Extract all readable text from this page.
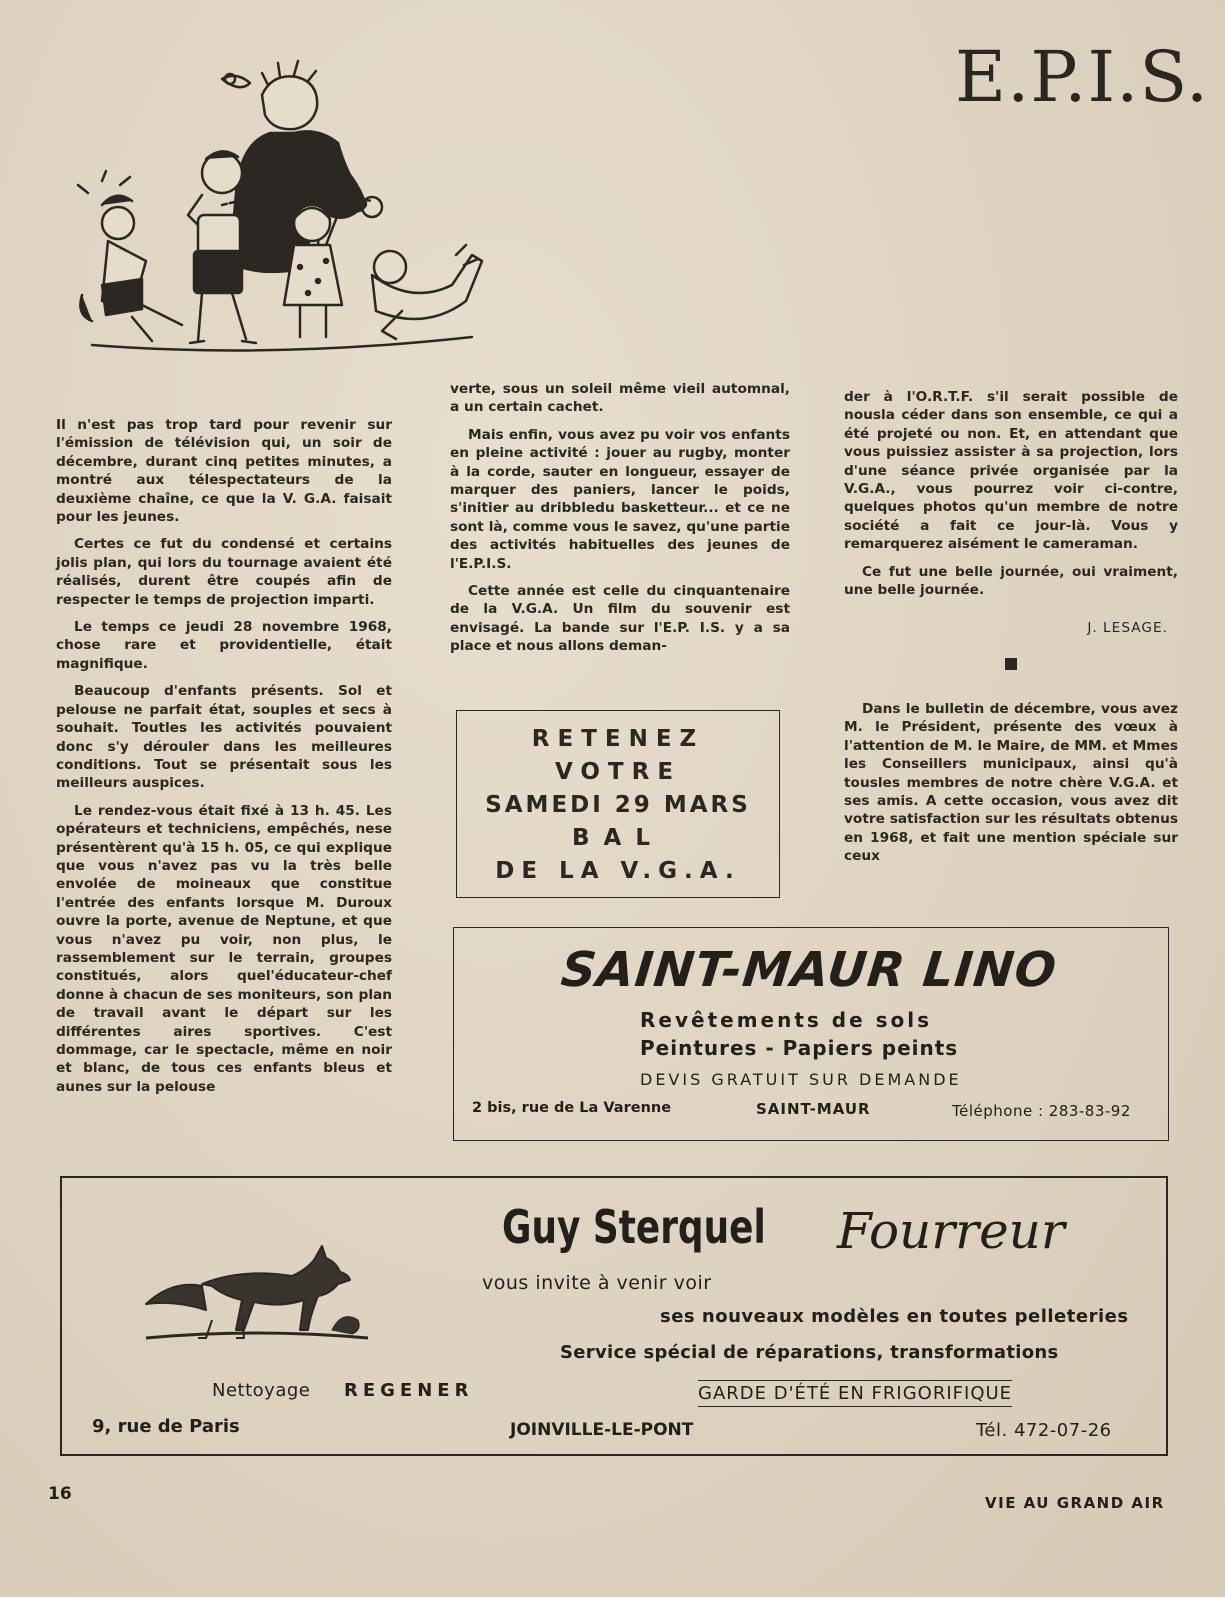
E.P.I.S.

Il n'est pas trop tard pour revenir sur l'émission de télévision qui, un soir de décembre, durant cinq petites minutes, a montré aux télespectateurs de la deuxième chaîne, ce que la V. G.A. faisait pour les jeunes.

Certes ce fut du condensé et certains jolis plan, qui lors du tournage avaient été réalisés, durent être coupés afin de respecter le temps de projection imparti.

Le temps ce jeudi 28 novembre 1968, chose rare et providentielle, était magnifique.

Beaucoup d'enfants présents. Sol et pelouse ne parfait état, souples et secs à souhait. Toutles les activités pouvaient donc s'y dérouler dans les meilleures conditions. Tout se présentait sous les meilleurs auspices.

Le rendez-vous était fixé à 13 h. 45. Les opérateurs et techniciens, empêchés, nese présentèrent qu'à 15 h. 05, ce qui explique que vous n'avez pas vu la très belle envolée de moineaux que constitue l'entrée des enfants lorsque M. Duroux ouvre la porte, avenue de Neptune, et que vous n'avez pu voir, non plus, le rassemblement sur le terrain, groupes constitués, alors quel'éducateur-chef donne à chacun de ses moniteurs, son plan de travail avant le départ sur les différentes aires sportives. C'est dommage, car le spectacle, même en noir et blanc, de tous ces enfants bleus et aunes sur la pelouse

verte, sous un soleil même vieil automnal, a un certain cachet.

Mais enfin, vous avez pu voir vos enfants en pleine activité : jouer au rugby, monter à la corde, sauter en longueur, essayer de marquer des paniers, lancer le poids, s'initier au dribbledu basketteur... et ce ne sont là, comme vous le savez, qu'une partie des activités habituelles des jeunes de l'E.P.I.S.

Cette année est celle du cinquantenaire de la V.G.A. Un film du souvenir est envisagé. La bande sur l'E.P. I.S. y a sa place et nous allons deman-

der à l'O.R.T.F. s'il serait possible de nousla céder dans son ensemble, ce qui a été projeté ou non. Et, en attendant que vous puissiez assister à sa projection, lors d'une séance privée organisée par la V.G.A., vous pourrez voir ci-contre, quelques photos qu'un membre de notre société a fait ce jour-là. Vous y remarquerez aisément le cameraman.

Ce fut une belle journée, oui vraiment, une belle journée.

J. LESAGE.

Dans le bulletin de décembre, vous avez M. le Président, présente des vœux à l'attention de M. le Maire, de MM. et Mmes les Conseillers municipaux, ainsi qu'à tousles membres de notre chère V.G.A. et ses amis. A cette occasion, vous avez dit votre satisfaction sur les résultats obtenus en 1968, et fait une mention spéciale sur ceux

RETENEZ
VOTRE
SAMEDI 29 MARS
BAL
DE LA V.G.A.
SAINT-MAUR LINO
Revêtements de sols
Peintures - Papiers peints
DEVIS GRATUIT SUR DEMANDE
2 bis, rue de La Varenne	SAINT-MAUR	Téléphone : 283-83-92
Guy Sterquel Fourreur
vous invite à venir voir
ses nouveaux modèles en toutes pelleteries
Service spécial de réparations, transformations
Nettoyage REGENER	GARDE D'ÉTÉ EN FRIGORIFIQUE
9, rue de Paris	JOINVILLE-LE-PONT	Tél. 472-07-26
16	VIE AU GRAND AIR
